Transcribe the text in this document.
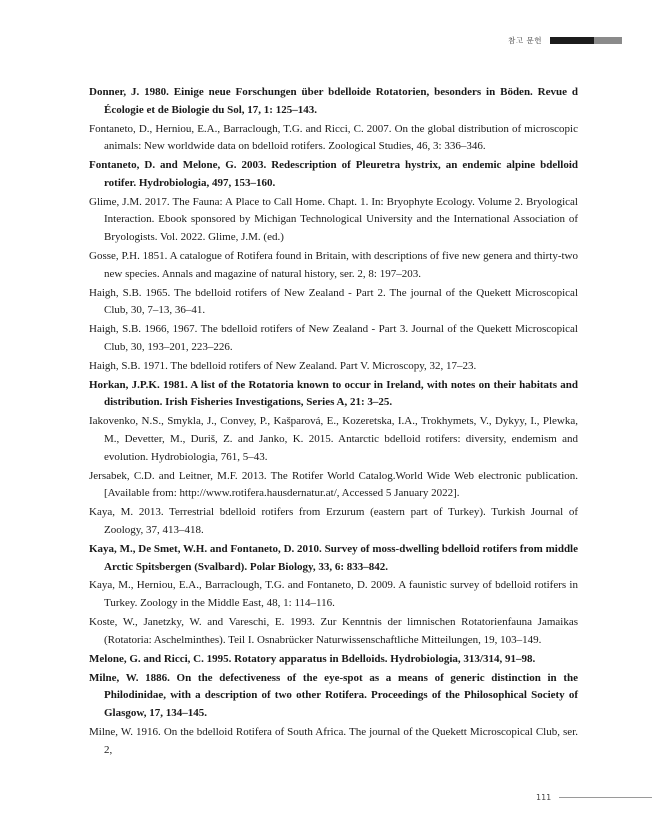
참고 문헌
Donner, J. 1980. Einige neue Forschungen über bdelloide Rotatorien, besonders in Böden. Revue d Écologie et de Biologie du Sol, 17, 1: 125–143.
Fontaneto, D., Herniou, E.A., Barraclough, T.G. and Ricci, C. 2007. On the global distribution of microscopic animals: New worldwide data on bdelloid rotifers. Zoological Studies, 46, 3: 336–346.
Fontaneto, D. and Melone, G. 2003. Redescription of Pleuretra hystrix, an endemic alpine bdelloid rotifer. Hydrobiologia, 497, 153–160.
Glime, J.M. 2017. The Fauna: A Place to Call Home. Chapt. 1. In: Bryophyte Ecology. Volume 2. Bryological Interaction. Ebook sponsored by Michigan Technological University and the International Association of Bryologists. Vol. 2022. Glime, J.M. (ed.)
Gosse, P.H. 1851. A catalogue of Rotifera found in Britain, with descriptions of five new genera and thirty-two new species. Annals and magazine of natural history, ser. 2, 8: 197–203.
Haigh, S.B. 1965. The bdelloid rotifers of New Zealand - Part 2. The journal of the Quekett Microscopical Club, 30, 7–13, 36–41.
Haigh, S.B. 1966, 1967. The bdelloid rotifers of New Zealand - Part 3. Journal of the Quekett Microscopical Club, 30, 193–201, 223–226.
Haigh, S.B. 1971. The bdelloid rotifers of New Zealand. Part V. Microscopy, 32, 17–23.
Horkan, J.P.K. 1981. A list of the Rotatoria known to occur in Ireland, with notes on their habitats and distribution. Irish Fisheries Investigations, Series A, 21: 3–25.
Iakovenko, N.S., Smykla, J., Convey, P., Kašparová, E., Kozeretska, I.A., Trokhymets, V., Dykyy, I., Plewka, M., Devetter, M., Duriš, Z. and Janko, K. 2015. Antarctic bdelloid rotifers: diversity, endemism and evolution. Hydrobiologia, 761, 5–43.
Jersabek, C.D. and Leitner, M.F. 2013. The Rotifer World Catalog.World Wide Web electronic publication. [Available from: http://www.rotifera.hausdernatur.at/, Accessed 5 January 2022].
Kaya, M. 2013. Terrestrial bdelloid rotifers from Erzurum (eastern part of Turkey). Turkish Journal of Zoology, 37, 413–418.
Kaya, M., De Smet, W.H. and Fontaneto, D. 2010. Survey of moss-dwelling bdelloid rotifers from middle Arctic Spitsbergen (Svalbard). Polar Biology, 33, 6: 833–842.
Kaya, M., Herniou, E.A., Barraclough, T.G. and Fontaneto, D. 2009. A faunistic survey of bdelloid rotifers in Turkey. Zoology in the Middle East, 48, 1: 114–116.
Koste, W., Janetzky, W. and Vareschi, E. 1993. Zur Kenntnis der limnischen Rotatorienfauna Jamaikas (Rotatoria: Aschelminthes). Teil I. Osnabrücker Naturwissenschaftliche Mitteilungen, 19, 103–149.
Melone, G. and Ricci, C. 1995. Rotatory apparatus in Bdelloids. Hydrobiologia, 313/314, 91–98.
Milne, W. 1886. On the defectiveness of the eye-spot as a means of generic distinction in the Philodinidae, with a description of two other Rotifera. Proceedings of the Philosophical Society of Glasgow, 17, 134–145.
Milne, W. 1916. On the bdelloid Rotifera of South Africa. The journal of the Quekett Microscopical Club, ser. 2,
111
